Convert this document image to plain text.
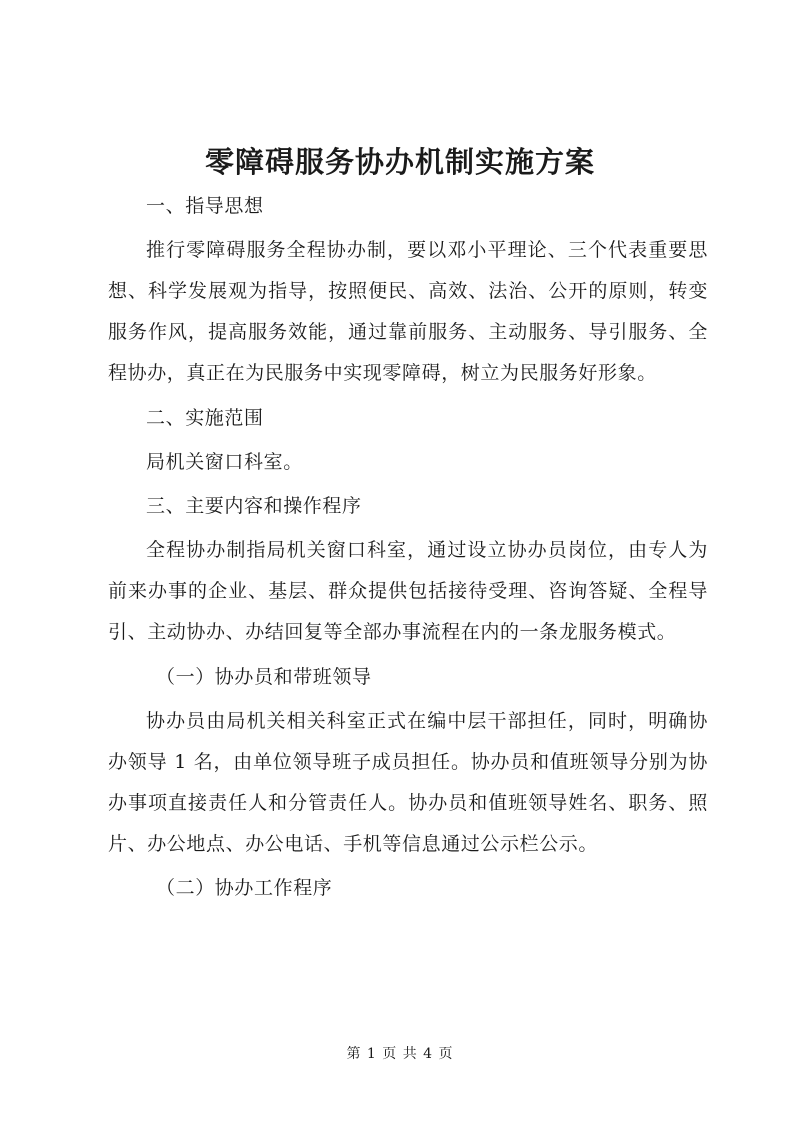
零障碍服务协办机制实施方案

一、指导思想

推行零障碍服务全程协办制，要以邓小平理论、三个代表重要思想、科学发展观为指导，按照便民、高效、法治、公开的原则，转变服务作风，提高服务效能，通过靠前服务、主动服务、导引服务、全程协办，真正在为民服务中实现零障碍，树立为民服务好形象。

二、实施范围

局机关窗口科室。

三、主要内容和操作程序

全程协办制指局机关窗口科室，通过设立协办员岗位，由专人为前来办事的企业、基层、群众提供包括接待受理、咨询答疑、全程导引、主动协办、办结回复等全部办事流程在内的一条龙服务模式。

（一）协办员和带班领导

协办员由局机关相关科室正式在编中层干部担任，同时，明确协办领导 1 名，由单位领导班子成员担任。协办员和值班领导分别为协办事项直接责任人和分管责任人。协办员和值班领导姓名、职务、照片、办公地点、办公电话、手机等信息通过公示栏公示。

（二）协办工作程序

第 1 页 共 4 页
